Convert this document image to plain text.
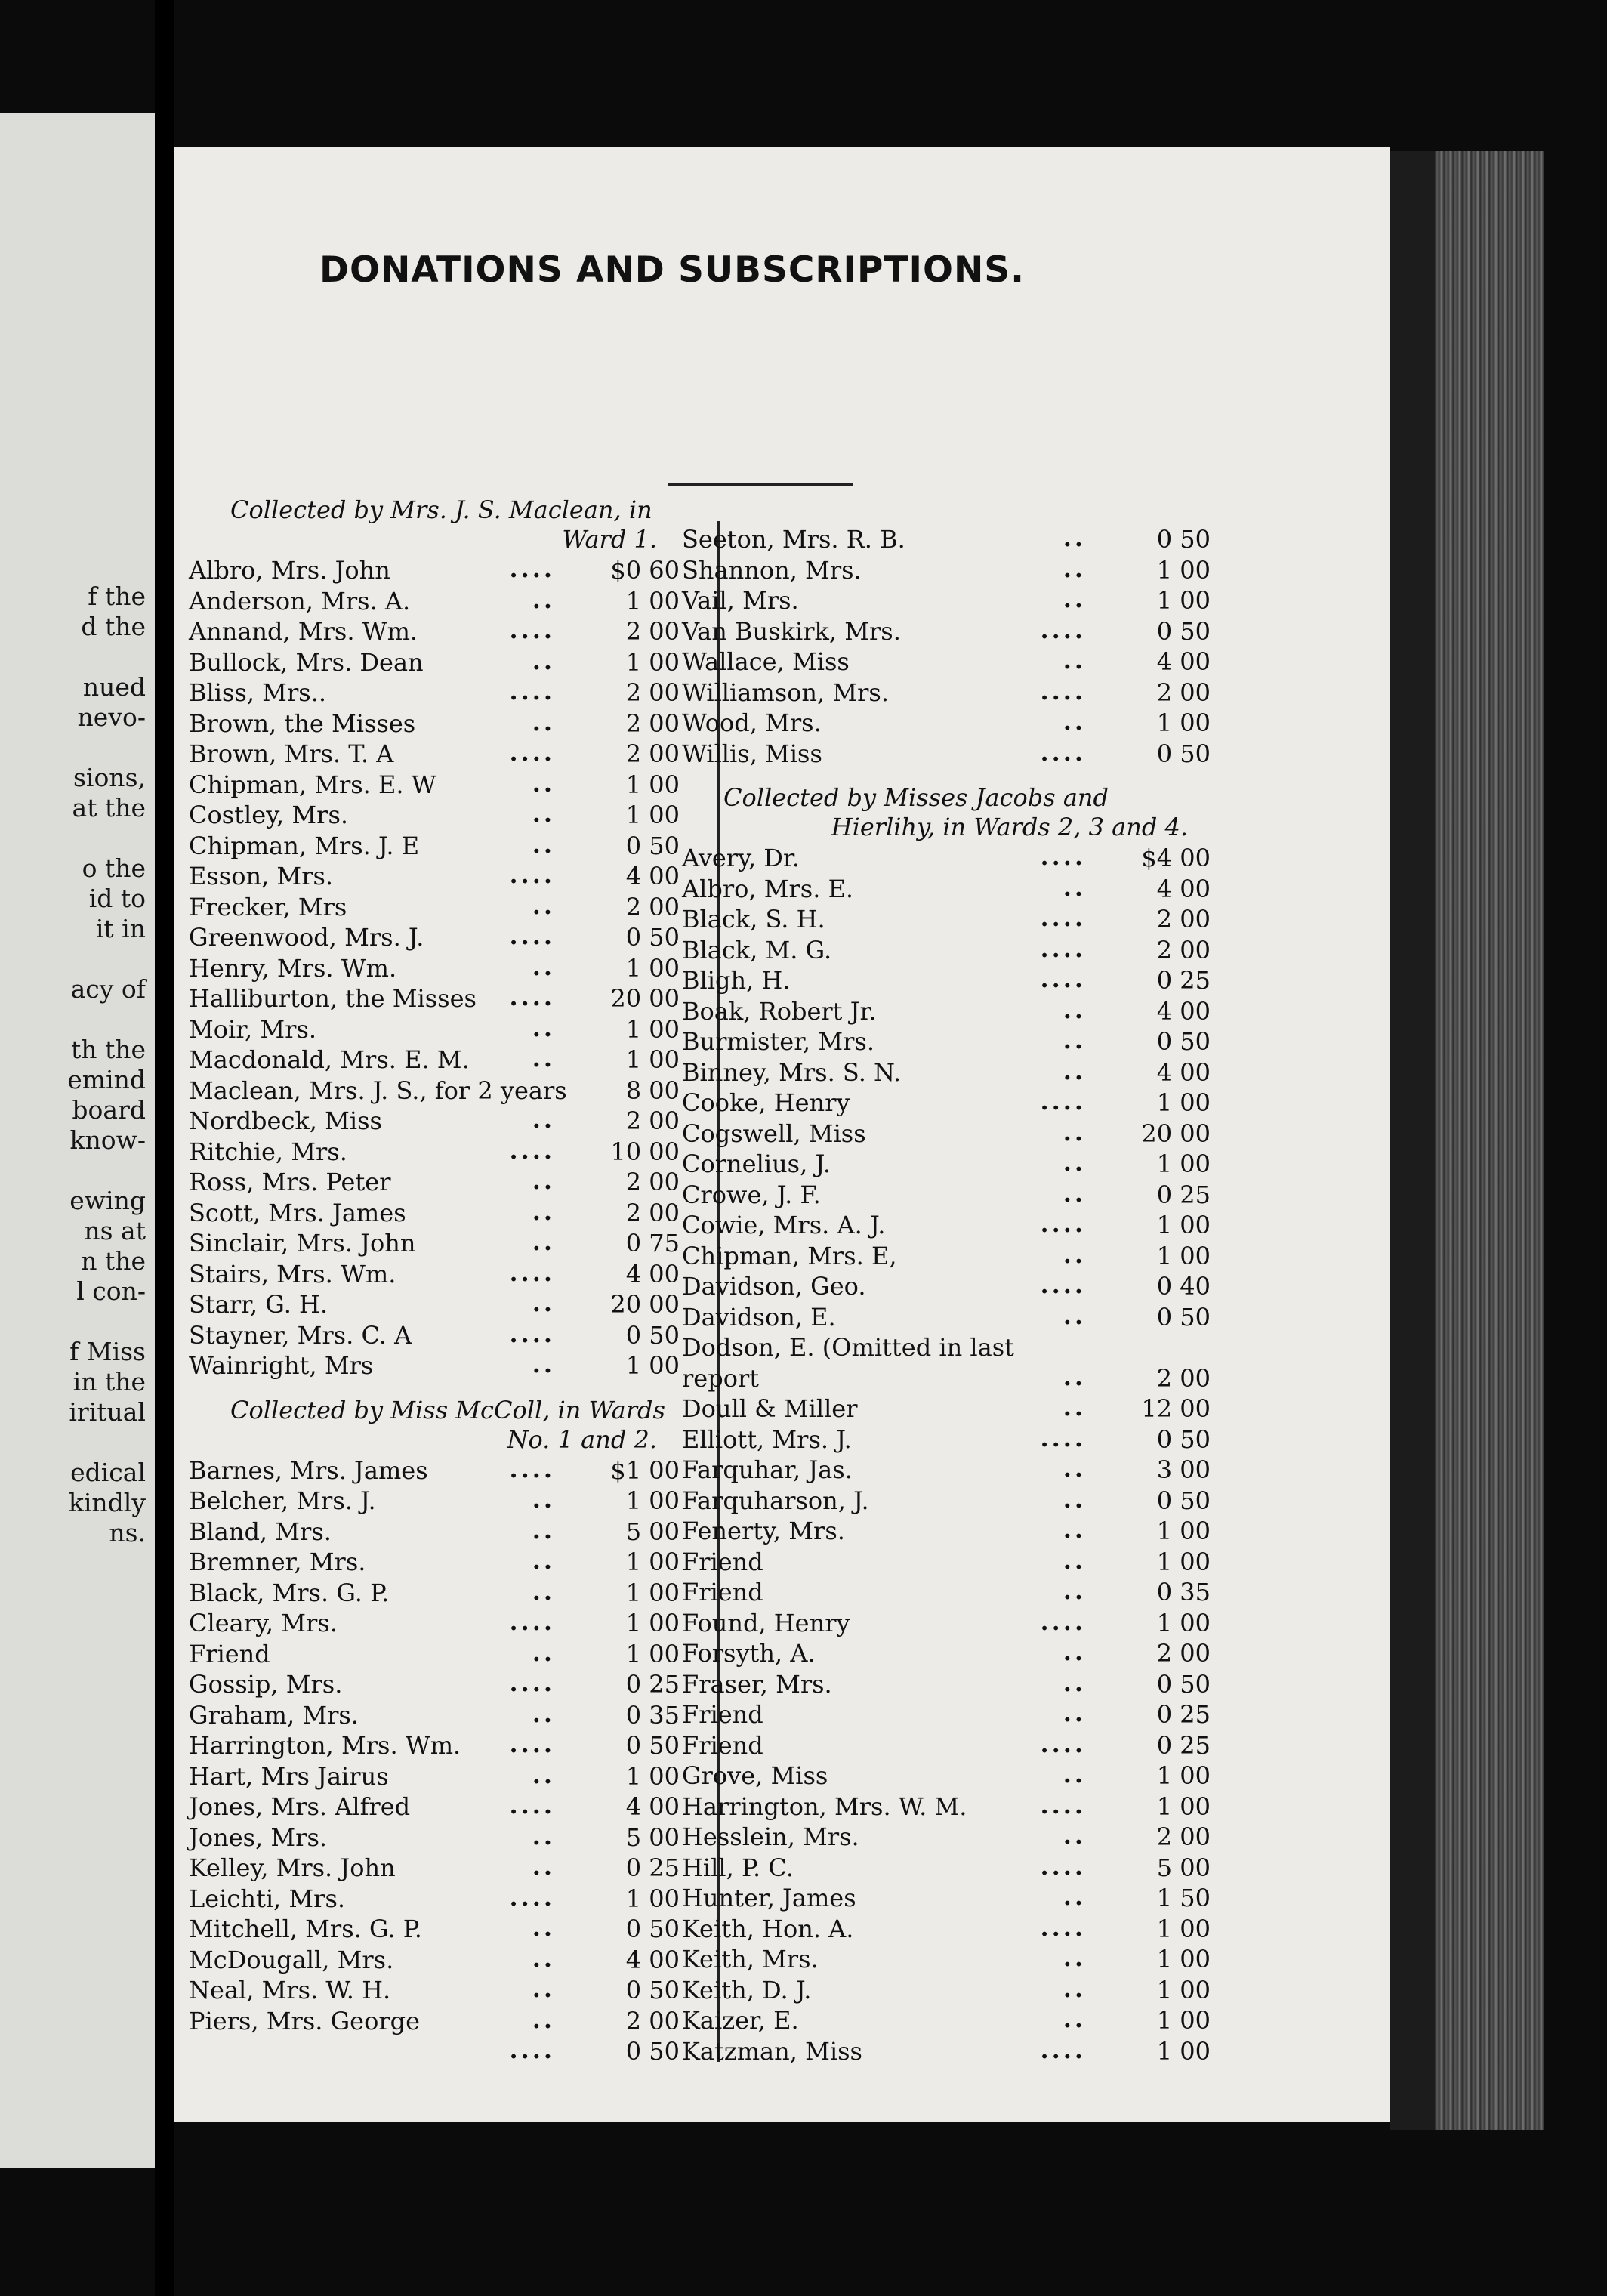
f the
d the
nued
nevo-
sions,
at the
o the
id to
it in
acy of
th the
emind
board
know-
ewing
ns at
n the
l con-
f Miss
in the
iritual
edical
kindly
ns.
DONATIONS AND SUBSCRIPTIONS.
Collected by Mrs. J. S. Maclean, in
Ward 1.
Albro, Mrs. John	.... $0 60
Anderson, Mrs. A.	..	1 00
Annand, Mrs. Wm.	....	2 00
Bullock, Mrs. Dean	..	1 00
Bliss, Mrs..	....	2 00
Brown, the Misses	..	2 00
Brown, Mrs. T. A	....	2 00
Chipman, Mrs. E. W	..	1 00
Costley, Mrs.	..	1 00
Chipman, Mrs. J. E	..	0 50
Esson, Mrs.	....	4 00
Frecker, Mrs	..	2 00
Greenwood, Mrs. J.	....	0 50
Henry, Mrs. Wm.	..	1 00
Halliburton, the Misses .... 20 00
Moir, Mrs.	..	1 00
Macdonald, Mrs. E. M.	..	1 00
Maclean, Mrs. J. S., for 2 years 8 00
Nordbeck, Miss	..	2 00
Ritchie, Mrs.	.... 10 00
Ross, Mrs. Peter	..	2 00
Scott, Mrs. James	..	2 00
Sinclair, Mrs. John	..	0 75
Stairs, Mrs. Wm.	....	4 00
Starr, G. H.	.. 20 00
Stayner, Mrs. C. A	....	0 50
Wainright, Mrs	..	1 00
Collected by Miss McColl, in Wards
No. 1 and 2.
Barnes, Mrs. James	.... $1 00
Belcher, Mrs. J.	..	1 00
Bland, Mrs.	..	5 00
Bremner, Mrs.	..	1 00
Black, Mrs. G. P.	..	1 00
Cleary, Mrs.	....	1 00
Friend	..	1 00
Gossip, Mrs.	....	0 25
Graham, Mrs.	..	0 35
Harrington, Mrs. Wm. ....	0 50
Hart, Mrs Jairus	..	1 00
Jones, Mrs. Alfred	....	4 00
Jones, Mrs.	..	5 00
Kelley, Mrs. John	..	0 25
Leichti, Mrs.	....	1 00
Mitchell, Mrs. G. P.	..	0 50
McDougall, Mrs.	..	4 00
Neal, Mrs. W. H.	..	0 50
Piers, Mrs. George	..	2 00
....	0 50
Seeton, Mrs. R. B.	..	0 50
Shannon, Mrs.	..	1 00
Vail, Mrs.	..	1 00
Van Buskirk, Mrs.	....	0 50
Wallace, Miss	..	4 00
Williamson, Mrs.	....	2 00
Wood, Mrs.	..	1 00
Willis, Miss	....	0 50
Collected by Misses Jacobs and
Hierlihy, in Wards 2, 3 and 4.
Avery, Dr.	.... $4 00
Albro, Mrs. E.	..	4 00
Black, S. H.	....	2 00
Black, M. G.	....	2 00
Bligh, H.	....	0 25
Boak, Robert Jr.	..	4 00
Burmister, Mrs.	..	0 50
Binney, Mrs. S. N.	..	4 00
Cooke, Henry	....	1 00
Cogswell, Miss	.. 20 00
Cornelius, J.	..	1 00
Crowe, J. F.	..	0 25
Cowie, Mrs. A. J.	....	1 00
Chipman, Mrs. E,	..	1 00
Davidson, Geo.	....	0 40
Davidson, E.	..	0 50
Dodson, E. (Omitted in last
report	..	2 00
Doull & Miller	.. 12 00
Elliott, Mrs. J.	....	0 50
Farquhar, Jas.	..	3 00
Farquharson, J.	..	0 50
Fenerty, Mrs.	..	1 00
Friend	..	1 00
Friend	..	0 35
Found, Henry	....	1 00
Forsyth, A.	..	2 00
Fraser, Mrs.	..	0 50
Friend	..	0 25
Friend	....	0 25
Grove, Miss	..	1 00
Harrington, Mrs. W. M.	....	1 00
Hesslein, Mrs.	..	2 00
Hill, P. C.	....	5 00
Hunter, James	..	1 50
Keith, Hon. A.	....	1 00
Keith, Mrs.	..	1 00
Keith, D. J.	..	1 00
Kaizer, E.	..	1 00
Katzman, Miss	....	1 00
